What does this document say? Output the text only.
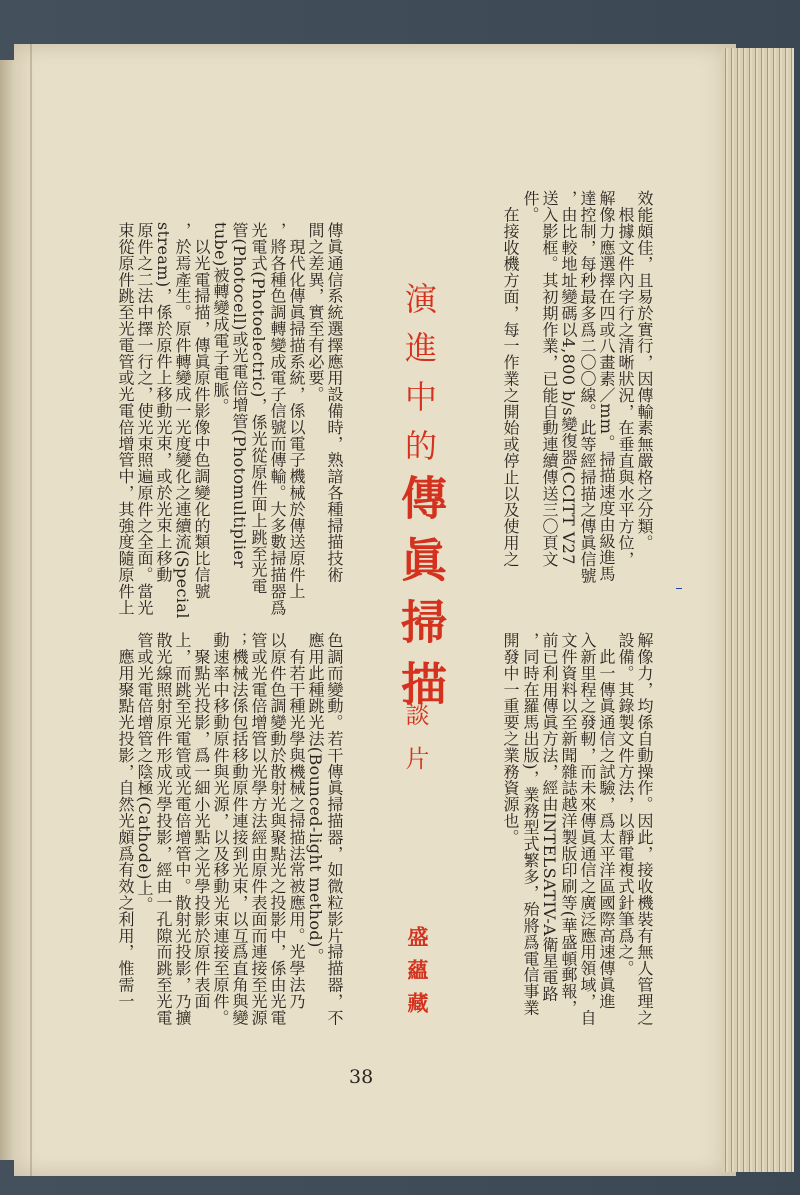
效能頗佳，且易於實行，因傳輸素無嚴格之分類。
　根據文件內字行之清晰狀況，在垂直與水平方位，
解像力應選擇在四或八畫素／mm。掃描速度由級進馬
達控制，每秒最多爲二〇〇線。此等經掃描之傳眞信號
，由比較地址變碼以4,800 b/s變復器(CCITT V27
送入影框。其初期作業，已能自動連續傳送三〇頁文
件。
　在接收機方面，每一作業之開始或停止以及使用之
演進中的
傳眞掃描
談片
盛蘊藏
傳眞通信系統選擇應用設備時，熟諳各種掃描技術
間之差異，實至有必要。
　現代化傳眞掃描系統，係以電子機械於傳送原件上
，將各種色調轉變成電子信號而傳輸。大多數掃描器爲
光電式(Photoelectric)，係光從原件面上跳至光電
管(Photocell)或光電倍增管(Photomultiplier
tube)被轉變成電子電脈。
　以光電掃描，傳眞原件影像中色調變化的類比信號
，於焉產生。原件轉變成一光度變化之連續流(Special
stream)，係於原件上移動光束，或於光束上移動
原件之二法中擇一行之，使光束照遍原件之全面。當光
束從原件跳至光電管或光電倍增管中，其強度隨原件上
解像力，均係自動操作。因此，接收機裝有無人管理之
設備。其錄製文件方法，以靜電複式針筆爲之。
　此一傳眞通信之試驗，爲太平洋區國際高速傳眞進
入新里程之發軔，而未來傳眞通信之廣泛應用領域，自
文件資料以至新聞雜誌越洋製版印刷等(華盛頓郵報，
前已利用傳眞方法，經由INTELSATIV-A衛星電路
，同時在羅馬出版)，業務型式繁多，殆將爲電信事業
開發中一重要之業務資源也。
色調而變動。若干傳眞掃描器，如微粒影片掃描器，不
應用此種跳光法(Bounced-light method)。
　有若干種光學與機械之掃描法常被應用。光學法乃
以原件色調變動於散射光與聚點光之投影中，係由光電
管或光電倍增管以光學方法經由原件表面而連接至光源
；機械法係包括移動原件連接到光束，以互爲直角與變
動速率中移動原件與光源，以及移動光束連接至原件。
　聚點光投影，爲一細小光點之光學投影於原件表面
上，而跳至光電管或光電倍增管中。散射光投影，乃擴
散光線照射原件形成光學投影，經由一孔隙而跳至光電
管或光電倍增管之陰極(Cathode)上。
　應用聚點光投影，自然光頗爲有效之利用，惟需一
38
